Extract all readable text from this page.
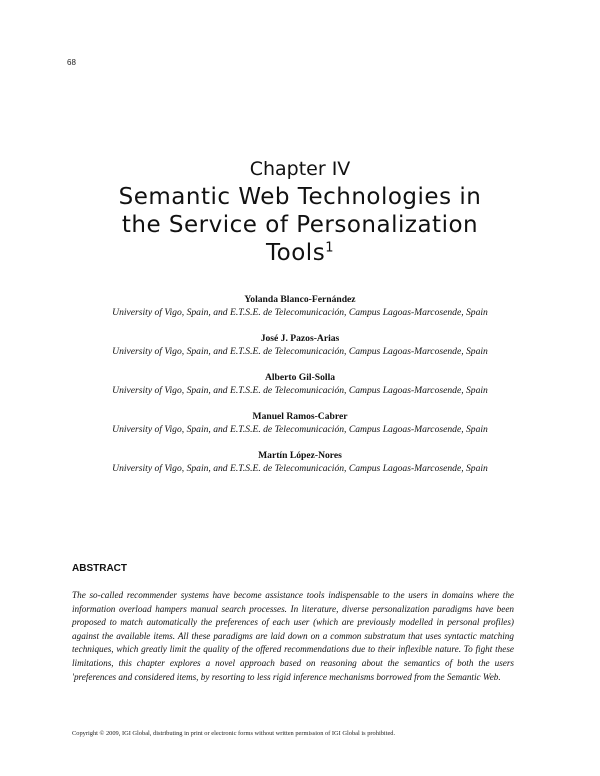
68
Chapter IV
Semantic Web Technologies in
the Service of Personalization
Tools$^1$
Yolanda Blanco-Fernández
University of Vigo, Spain, and E.T.S.E. de Telecomunicación, Campus Lagoas-Marcosende, Spain
José J. Pazos-Arias
University of Vigo, Spain, and E.T.S.E. de Telecomunicación, Campus Lagoas-Marcosende, Spain
Alberto Gil-Solla
University of Vigo, Spain, and E.T.S.E. de Telecomunicación, Campus Lagoas-Marcosende, Spain
Manuel Ramos-Cabrer
University of Vigo, Spain, and E.T.S.E. de Telecomunicación, Campus Lagoas-Marcosende, Spain
Martín López-Nores
University of Vigo, Spain, and E.T.S.E. de Telecomunicación, Campus Lagoas-Marcosende, Spain
ABSTRACT
The so-called recommender systems have become assistance tools indispensable to the users in domains where the information overload hampers manual search processes. In literature, diverse personalization paradigms have been proposed to match automatically the preferences of each user (which are previously modelled in personal profiles) against the available items. All these paradigms are laid down on a common substratum that uses syntactic matching techniques, which greatly limit the quality of the offered recommendations due to their inflexible nature. To fight these limitations, this chapter explores a novel approach based on reasoning about the semantics of both the users 'preferences and considered items, by resorting to less rigid inference mechanisms borrowed from the Semantic Web.
Copyright © 2009, IGI Global, distributing in print or electronic forms without written permission of IGI Global is prohibited.
